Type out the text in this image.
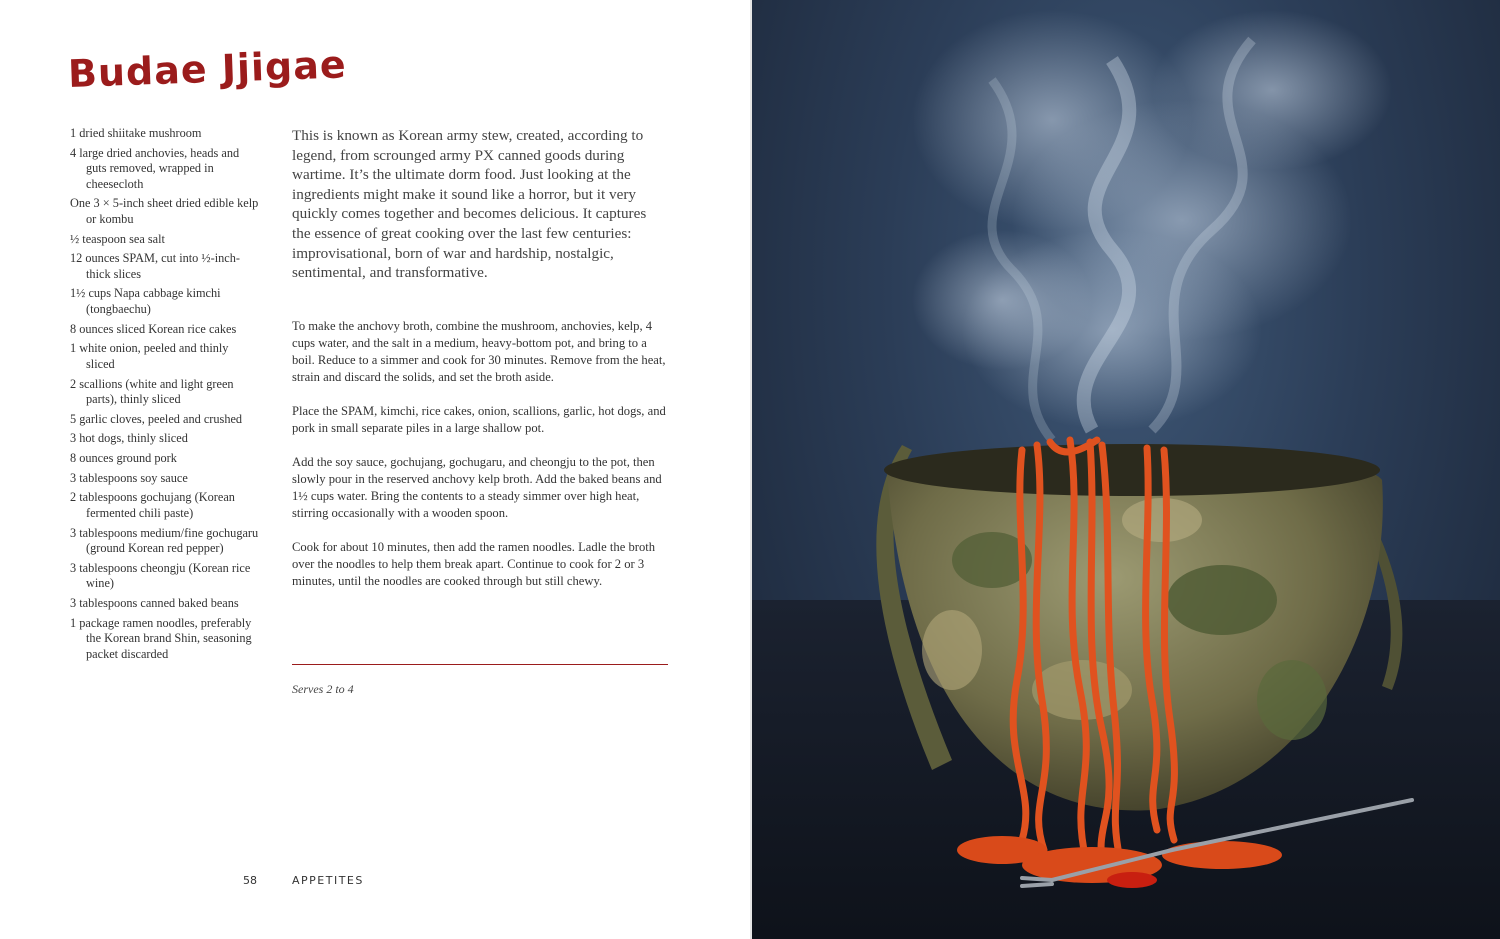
Budae Jjigae
1 dried shiitake mushroom
4 large dried anchovies, heads and guts removed, wrapped in cheesecloth
One 3 × 5-inch sheet dried edible kelp or kombu
½ teaspoon sea salt
12 ounces SPAM, cut into ½-inch-thick slices
1½ cups Napa cabbage kimchi (tongbaechu)
8 ounces sliced Korean rice cakes
1 white onion, peeled and thinly sliced
2 scallions (white and light green parts), thinly sliced
5 garlic cloves, peeled and crushed
3 hot dogs, thinly sliced
8 ounces ground pork
3 tablespoons soy sauce
2 tablespoons gochujang (Korean fermented chili paste)
3 tablespoons medium/fine gochugaru (ground Korean red pepper)
3 tablespoons cheongju (Korean rice wine)
3 tablespoons canned baked beans
1 package ramen noodles, preferably the Korean brand Shin, seasoning packet discarded

This is known as Korean army stew, created, according to legend, from scrounged army PX canned goods during wartime. It’s the ultimate dorm food. Just looking at the ingredients might make it sound like a horror, but it very quickly comes together and becomes delicious. It captures the essence of great cooking over the last few centuries: improvisational, born of war and hardship, nostalgic, sentimental, and transformative.

To make the anchovy broth, combine the mushroom, anchovies, kelp, 4 cups water, and the salt in a medium, heavy-bottom pot, and bring to a boil. Reduce to a simmer and cook for 30 minutes. Remove from the heat, strain and discard the solids, and set the broth aside.

Place the SPAM, kimchi, rice cakes, onion, scallions, garlic, hot dogs, and pork in small separate piles in a large shallow pot.

Add the soy sauce, gochujang, gochugaru, and cheongju to the pot, then slowly pour in the reserved anchovy kelp broth. Add the baked beans and 1½ cups water. Bring the contents to a steady simmer over high heat, stirring occasionally with a wooden spoon.

Cook for about 10 minutes, then add the ramen noodles. Ladle the broth over the noodles to help them break apart. Continue to cook for 2 or 3 minutes, until the noodles are cooked through but still chewy.

Serves 2 to 4

58	APPETITES
